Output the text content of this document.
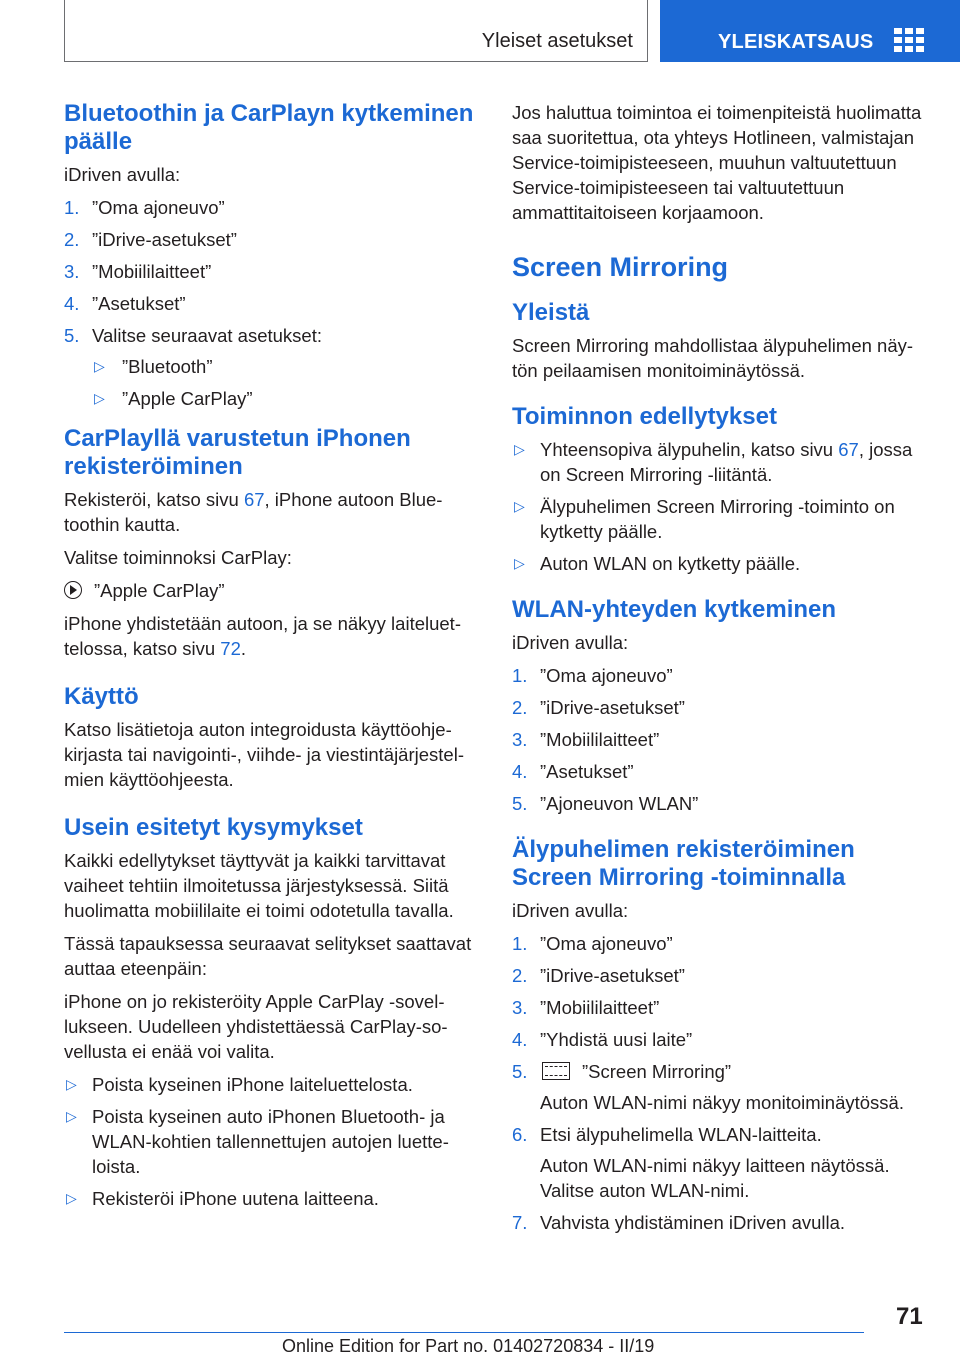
Yleiset asetukset	YLEISKATSAUS
Bluetoothin ja CarPlayn kytkeminen päälle
iDriven avulla:
1. ”Oma ajoneuvo”
2. ”iDrive-asetukset”
3. ”Mobiililaitteet”
4. ”Asetukset”
5. Valitse seuraavat asetukset:
▷ ”Bluetooth”
▷ ”Apple CarPlay”
CarPlayllä varustetun iPhonen rekisteröiminen
Rekisteröi, katso sivu 67, iPhone autoon Bluetoothin kautta.
Valitse toiminnoksi CarPlay:
”Apple CarPlay”
iPhone yhdistetään autoon, ja se näkyy laiteluettelossa, katso sivu 72.
Käyttö
Katso lisätietoja auton integroidusta käyttöohjekirjasta tai navigointi-, viihde- ja viestintäjärjestelmien käyttöohjeesta.
Usein esitetyt kysymykset
Kaikki edellytykset täyttyvät ja kaikki tarvittavat vaiheet tehtiin ilmoitetussa järjestyksessä. Siitä huolimatta mobiililaite ei toimi odotetulla tavalla.
Tässä tapauksessa seuraavat selitykset saattavat auttaa eteenpäin:
iPhone on jo rekisteröity Apple CarPlay -sovellukseen. Uudelleen yhdistettäessä CarPlay-sovellusta ei enää voi valita.
▷ Poista kyseinen iPhone laiteluettelosta.
▷ Poista kyseinen auto iPhonen Bluetooth- ja WLAN-kohtien tallennettujen autojen luetteloista.
▷ Rekisteröi iPhone uutena laitteena.
Jos haluttua toimintoa ei toimenpiteistä huolimatta saa suoritettua, ota yhteys Hotlineen, valmistajan Service-toimipisteeseen, muuhun valtuutettuun Service-toimipisteeseen tai valtuutettuun ammattitaitoiseen korjaamoon.
Screen Mirroring
Yleistä
Screen Mirroring mahdollistaa älypuhelimen näytön peilaamisen monitoiminäytössä.
Toiminnon edellytykset
▷ Yhteensopiva älypuhelin, katso sivu 67, jossa on Screen Mirroring -liitäntä.
▷ Älypuhelimen Screen Mirroring -toiminto on kytketty päälle.
▷ Auton WLAN on kytketty päälle.
WLAN-yhteyden kytkeminen
iDriven avulla:
1. ”Oma ajoneuvo”
2. ”iDrive-asetukset”
3. ”Mobiililaitteet”
4. ”Asetukset”
5. ”Ajoneuvon WLAN”
Älypuhelimen rekisteröiminen Screen Mirroring -toiminnalla
iDriven avulla:
1. ”Oma ajoneuvo”
2. ”iDrive-asetukset”
3. ”Mobiililaitteet”
4. ”Yhdistä uusi laite”
5.	”Screen Mirroring”
Auton WLAN-nimi näkyy monitoiminäytössä.
6. Etsi älypuhelimella WLAN-laitteita.
Auton WLAN-nimi näkyy laitteen näytössä. Valitse auton WLAN-nimi.
7. Vahvista yhdistäminen iDriven avulla.
71
Online Edition for Part no. 01402720834 - II/19
